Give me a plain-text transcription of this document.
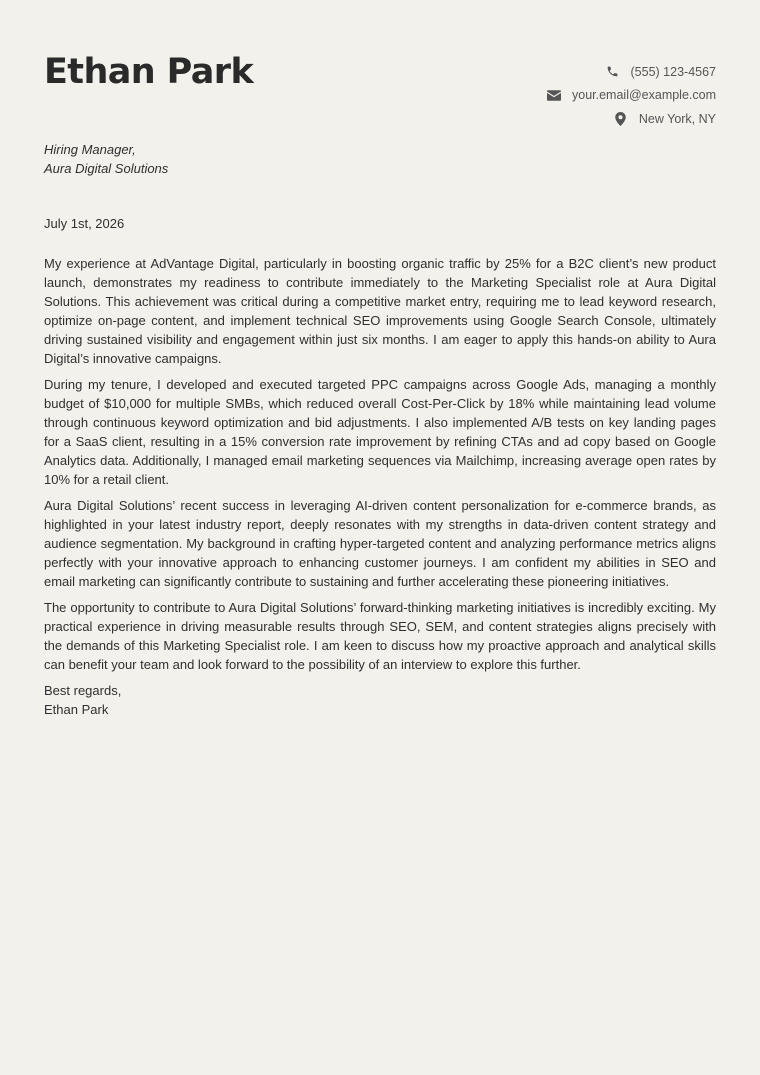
Ethan Park	(555) 123-4567
your.email@example.com
New York, NY
Hiring Manager,
Aura Digital Solutions
July 1st, 2026

My experience at AdVantage Digital, particularly in boosting organic traffic by 25% for a B2C client’s new product launch, demonstrates my readiness to contribute immediately to the Marketing Specialist role at Aura Digital Solutions. This achievement was critical during a competitive market entry, requiring me to lead keyword research, optimize on-page content, and implement technical SEO improvements using Google Search Console, ultimately driving sustained visibility and engagement within just six months. I am eager to apply this hands-on ability to Aura Digital’s innovative campaigns.

During my tenure, I developed and executed targeted PPC campaigns across Google Ads, managing a monthly budget of $10,000 for multiple SMBs, which reduced overall Cost-Per-Click by 18% while maintaining lead volume through continuous keyword optimization and bid adjustments. I also implemented A/B tests on key landing pages for a SaaS client, resulting in a 15% conversion rate improvement by refining CTAs and ad copy based on Google Analytics data. Additionally, I managed email marketing sequences via Mailchimp, increasing average open rates by 10% for a retail client.

Aura Digital Solutions’ recent success in leveraging AI-driven content personalization for e-commerce brands, as highlighted in your latest industry report, deeply resonates with my strengths in data-driven content strategy and audience segmentation. My background in crafting hyper-targeted content and analyzing performance metrics aligns perfectly with your innovative approach to enhancing customer journeys. I am confident my abilities in SEO and email marketing can significantly contribute to sustaining and further accelerating these pioneering initiatives.

The opportunity to contribute to Aura Digital Solutions’ forward-thinking marketing initiatives is incredibly exciting. My practical experience in driving measurable results through SEO, SEM, and content strategies aligns precisely with the demands of this Marketing Specialist role. I am keen to discuss how my proactive approach and analytical skills can benefit your team and look forward to the possibility of an interview to explore this further.

Best regards,
Ethan Park
